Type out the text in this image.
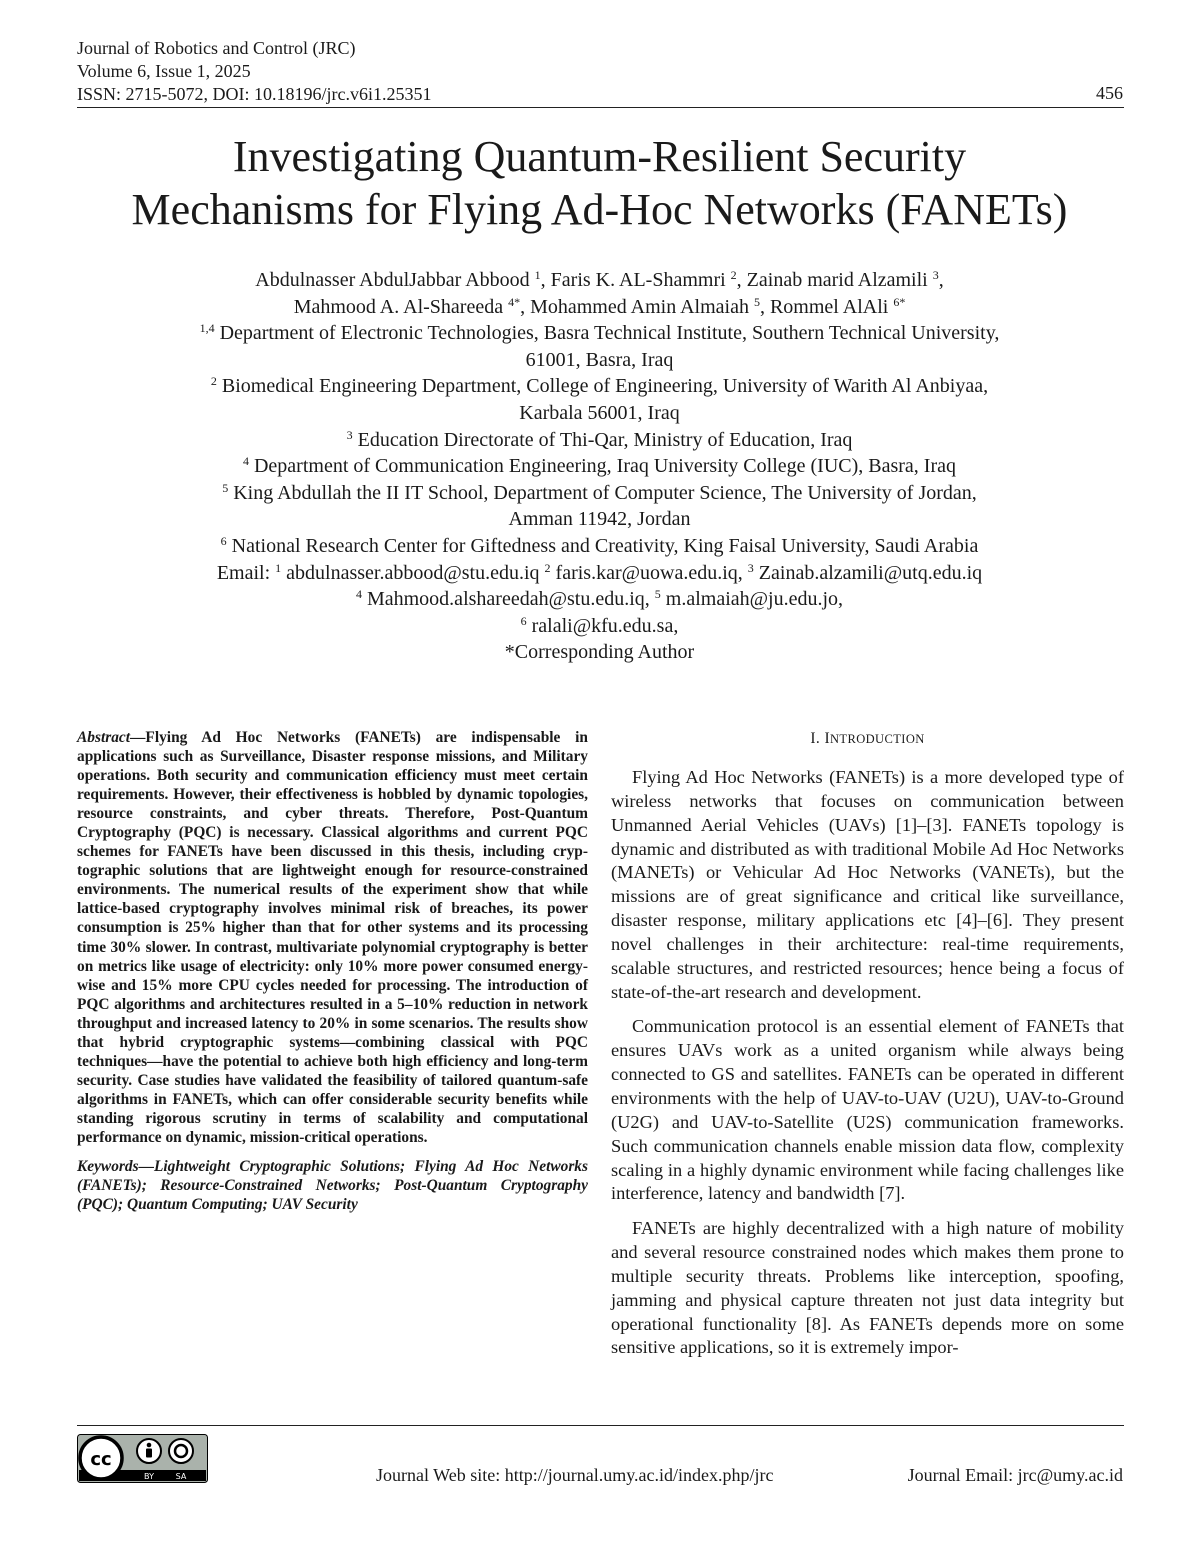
Journal of Robotics and Control (JRC)
Volume 6, Issue 1, 2025
ISSN: 2715-5072, DOI: 10.18196/jrc.v6i1.25351	456
Investigating Quantum-Resilient Security
Mechanisms for Flying Ad-Hoc Networks (FANETs)
Abdulnasser AbdulJabbar Abbood $^1$, Faris K. AL-Shammri $^2$, Zainab marid Alzamili $^3$,
Mahmood A. Al-Shareeda $^{4*}$, Mohammed Amin Almaiah $^5$, Rommel AlAli $^{6*}$
$^{1,4}$ Department of Electronic Technologies, Basra Technical Institute, Southern Technical University,
61001, Basra, Iraq
$^2$ Biomedical Engineering Department, College of Engineering, University of Warith Al Anbiyaa,
Karbala 56001, Iraq
$^3$ Education Directorate of Thi-Qar, Ministry of Education, Iraq
$^4$ Department of Communication Engineering, Iraq University College (IUC), Basra, Iraq
$^5$ King Abdullah the II IT School, Department of Computer Science, The University of Jordan,
Amman 11942, Jordan
$^6$ National Research Center for Giftedness and Creativity, King Faisal University, Saudi Arabia
Email: $^1$ abdulnasser.abbood@stu.edu.iq $^2$ faris.kar@uowa.edu.iq, $^3$ Zainab.alzamili@utq.edu.iq
$^4$ Mahmood.alshareedah@stu.edu.iq, $^5$ m.almaiah@ju.edu.jo,
$^6$ ralali@kfu.edu.sa,
*Corresponding Author

Abstract—Flying Ad Hoc Networks (FANETs) are indispensable in applications such as Surveillance, Disaster response missions, and Military operations. Both security and communication efficiency must meet certain requirements. However, their effectiveness is hobbled by dynamic topologies, resource constraints, and cyber threats. Therefore, Post-Quantum Cryptography (PQC) is necessary. Classical algorithms and current PQC schemes for FANETs have been discussed in this thesis, including cryptographic solutions that are lightweight enough for resource-constrained environments. The numerical results of the experiment show that while lattice-based cryptography involves minimal risk of breaches, its power consumption is 25% higher than that for other systems and its processing time 30% slower. In contrast, multivariate polynomial cryptography is better on metrics like usage of electricity: only 10% more power consumed energy-wise and 15% more CPU cycles needed for processing. The introduction of PQC algorithms and architectures resulted in a 5–10% reduction in network throughput and increased latency to 20% in some scenarios. The results show that hybrid cryptographic systems—combining classical with PQC techniques—have the potential to achieve both high efficiency and long-term security. Case studies have validated the feasibility of tailored quantum-safe algorithms in FANETs, which can offer considerable security benefits while standing rigorous scrutiny in terms of scalability and computational performance on dynamic, mission-critical operations.

Keywords—Lightweight Cryptographic Solutions; Flying Ad Hoc Networks (FANETs); Resource-Constrained Networks; Post-Quantum Cryptography (PQC); Quantum Computing; UAV Security

I. INTRODUCTION

Flying Ad Hoc Networks (FANETs) is a more developed type of wireless networks that focuses on communication between Unmanned Aerial Vehicles (UAVs) [1]–[3]. FANETs topology is dynamic and distributed as with traditional Mobile Ad Hoc Networks (MANETs) or Vehicular Ad Hoc Networks (VANETs), but the missions are of great significance and critical like surveillance, disaster response, military applications etc [4]–[6]. They present novel challenges in their architecture: real-time requirements, scalable structures, and restricted resources; hence being a focus of state-of-the-art research and development.

Communication protocol is an essential element of FANETs that ensures UAVs work as a united organism while always being connected to GS and satellites. FANETs can be operated in different environments with the help of UAV-to-UAV (U2U), UAV-to-Ground (U2G) and UAV-to-Satellite (U2S) communication frameworks. Such communication channels enable mission data flow, complexity scaling in a highly dynamic environment while facing challenges like interference, latency and bandwidth [7].

FANETs are highly decentralized with a high nature of mobility and several resource constrained nodes which makes them prone to multiple security threats. Problems like interception, spoofing, jamming and physical capture threaten not just data integrity but operational functionality [8]. As FANETs depends more on some sensitive applications, so it is extremely impor-

cc
BY	SA	Journal Web site: http://journal.umy.ac.id/index.php/jrc	Journal Email: jrc@umy.ac.id
